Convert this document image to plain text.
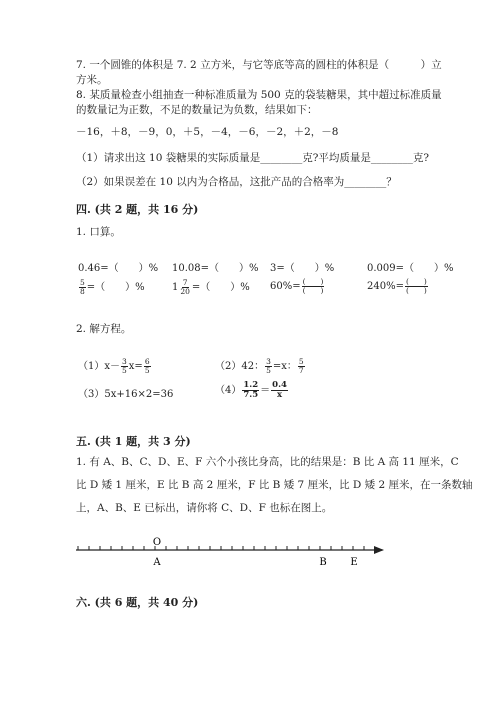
7. 一个圆锥的体积是 7. 2 立方米，与它等底等高的圆柱的体积是（　　　）立
方米。
8. 某质量检查小组抽查一种标准质量为 500 克的袋装糖果，其中超过标准质量
的数量记为正数，不足的数量记为负数，结果如下：
－16，＋8，－9，0，＋5，－4，－6，－2，＋2，－8
（1）请求出这 10 袋糖果的实际质量是________克?平均质量是________克?
（2）如果误差在 10 以内为合格品，这批产品的合格率为________？
四. (共 2 题，共 16 分)
1. 口算。
0.46=（　　）% 10.08=（　　）% 3=（　　）%	0.009=（　　）%
$\frac{5}{8}$ =（　　）%	$1 \frac{7}{20}$ =（　　）% $60\%= \frac{( )}{( )}$	$240\%= \frac{( )}{( )}$
2. 解方程。
$(1)x- \frac{3}{5} x= \frac{6}{5}$	（2）42： $\frac{3}{5} =x$： $\frac{5}{7}$
（3）5x+16×2=36	$(4) \frac{1.2}{7.5} = \frac{0.4}{x}$
五. (共 1 题，共 3 分)
1. 有 A、B、C、D、E、F 六个小孩比身高，比的结果是：B 比 A 高 11 厘米，C
比 D 矮 1 厘米，E 比 B 高 2 厘米，F 比 B 矮 7 厘米，比 D 矮 2 厘米，在一条数轴
上，A、B、E 已标出，请你将 C、D、F 也标在图上。
O
A	B E
六. (共 6 题，共 40 分)
